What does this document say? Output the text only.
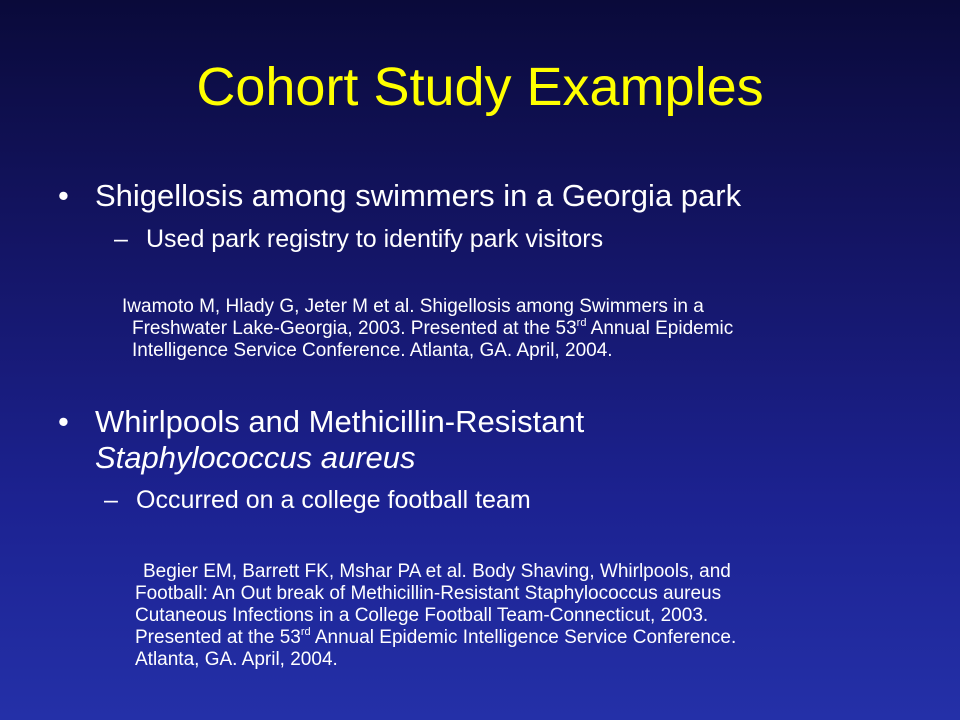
Cohort Study Examples
• Shigellosis among swimmers in a Georgia park
– Used park registry to identify park visitors
Iwamoto M, Hlady G, Jeter M et al. Shigellosis among Swimmers in a
Freshwater Lake-Georgia, 2003. Presented at the 53rd Annual Epidemic
Intelligence Service Conference. Atlanta, GA. April, 2004.
• Whirlpools and Methicillin-Resistant
Staphylococcus aureus
– Occurred on a college football team
Begier EM, Barrett FK, Mshar PA et al. Body Shaving, Whirlpools, and
Football: An Out break of Methicillin-Resistant Staphylococcus aureus
Cutaneous Infections in a College Football Team-Connecticut, 2003.
Presented at the 53rd Annual Epidemic Intelligence Service Conference.
Atlanta, GA. April, 2004.
